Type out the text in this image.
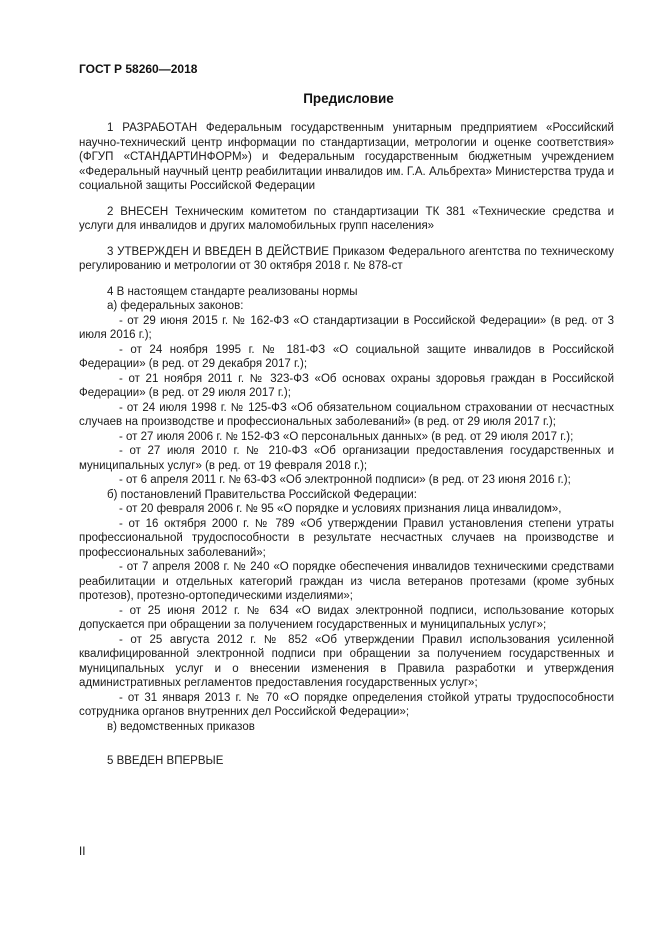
ГОСТ Р 58260—2018
Предисловие

1 РАЗРАБОТАН Федеральным государственным унитарным предприятием «Российский научно-технический центр информации по стандартизации, метрологии и оценке соответствия» (ФГУП «СТАНДАРТИНФОРМ») и Федеральным государственным бюджетным учреждением «Федеральный научный центр реабилитации инвалидов им. Г.А. Альбрехта» Министерства труда и социальной защиты Российской Федерации

2 ВНЕСЕН Техническим комитетом по стандартизации ТК 381 «Технические средства и услуги для инвалидов и других маломобильных групп населения»

3 УТВЕРЖДЕН И ВВЕДЕН В ДЕЙСТВИЕ Приказом Федерального агентства по техническому регулированию и метрологии от 30 октября 2018 г. № 878-ст

4 В настоящем стандарте реализованы нормы

а) федеральных законов:

- от 29 июня 2015 г. № 162-ФЗ «О стандартизации в Российской Федерации» (в ред. от 3 июля 2016 г.);

- от 24 ноября 1995 г. № 181-ФЗ «О социальной защите инвалидов в Российской Федерации» (в ред. от 29 декабря 2017 г.);

- от 21 ноября 2011 г. № 323-ФЗ «Об основах охраны здоровья граждан в Российской Федерации» (в ред. от 29 июля 2017 г.);

- от 24 июля 1998 г. № 125-ФЗ «Об обязательном социальном страховании от несчастных случаев на производстве и профессиональных заболеваний» (в ред. от 29 июля 2017 г.);

- от 27 июля 2006 г. № 152-ФЗ «О персональных данных» (в ред. от 29 июля 2017 г.);

- от 27 июля 2010 г. № 210-ФЗ «Об организации предоставления государственных и муниципальных услуг» (в ред. от 19 февраля 2018 г.);

- от 6 апреля 2011 г. № 63-ФЗ «Об электронной подписи» (в ред. от 23 июня 2016 г.);

б) постановлений Правительства Российской Федерации:

- от 20 февраля 2006 г. № 95 «О порядке и условиях признания лица инвалидом»,

- от 16 октября 2000 г. № 789 «Об утверждении Правил установления степени утраты профессиональной трудоспособности в результате несчастных случаев на производстве и профессиональных заболеваний»;

- от 7 апреля 2008 г. № 240 «О порядке обеспечения инвалидов техническими средствами реабилитации и отдельных категорий граждан из числа ветеранов протезами (кроме зубных протезов), протезно-ортопедическими изделиями»;

- от 25 июня 2012 г. № 634 «О видах электронной подписи, использование которых допускается при обращении за получением государственных и муниципальных услуг»;

- от 25 августа 2012 г. № 852 «Об утверждении Правил использования усиленной квалифицированной электронной подписи при обращении за получением государственных и муниципальных услуг и о внесении изменения в Правила разработки и утверждения административных регламентов предоставления государственных услуг»;

- от 31 января 2013 г. № 70 «О порядке определения стойкой утраты трудоспособности сотрудника органов внутренних дел Российской Федерации»;

в) ведомственных приказов

5 ВВЕДЕН ВПЕРВЫЕ

II
